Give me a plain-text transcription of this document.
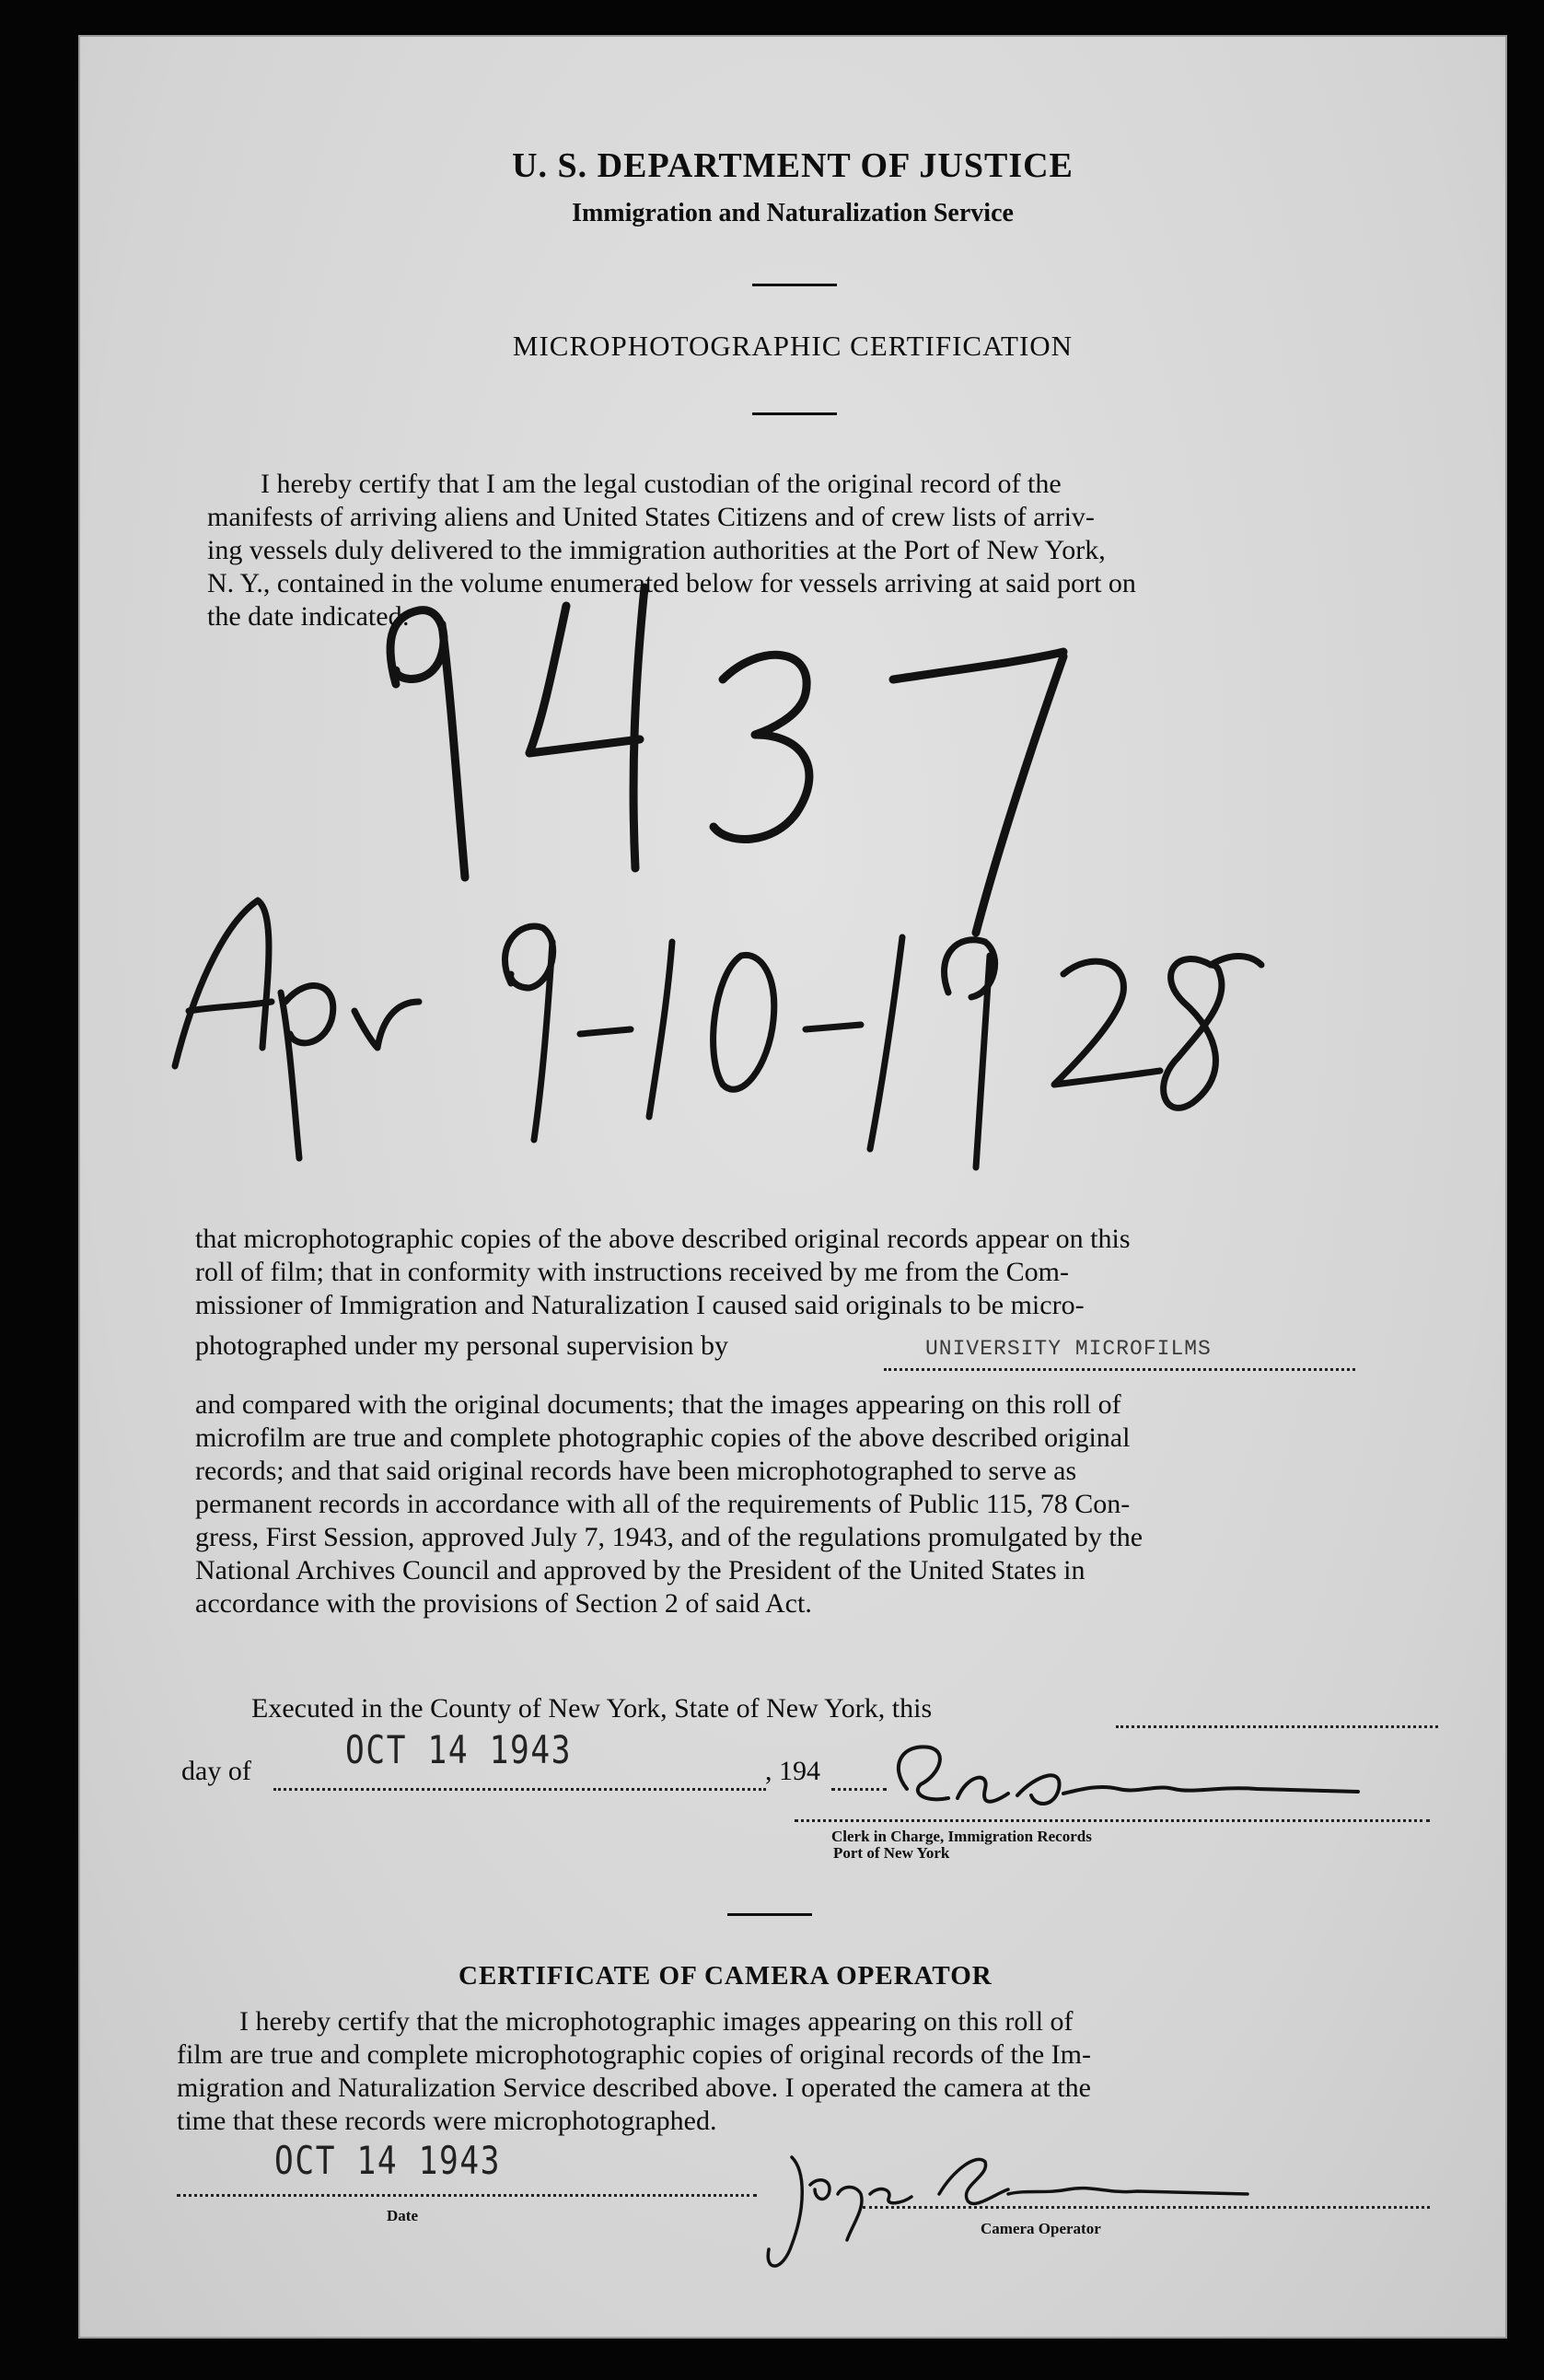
U. S. DEPARTMENT OF JUSTICE
Immigration and Naturalization Service
MICROPHOTOGRAPHIC CERTIFICATION
I hereby certify that I am the legal custodian of the original record of the
manifests of arriving aliens and United States Citizens and of crew lists of arriv-
ing vessels duly delivered to the immigration authorities at the Port of New York,
N. Y., contained in the volume enumerated below for vessels arriving at said port on
the date indicated:
that microphotographic copies of the above described original records appear on this
roll of film; that in conformity with instructions received by me from the Com-
missioner of Immigration and Naturalization I caused said originals to be micro-
photographed under my personal supervision by	UNIVERSITY MICROFILMS
and compared with the original documents; that the images appearing on this roll of
microfilm are true and complete photographic copies of the above described original
records; and that said original records have been microphotographed to serve as
permanent records in accordance with all of the requirements of Public 115, 78 Con-
gress, First Session, approved July 7, 1943, and of the regulations promulgated by the
National Archives Council and approved by the President of the United States in
accordance with the provisions of Section 2 of said Act.
Executed in the County of New York, State of New York, this
day of OCT 14 1943	, 194
Clerk in Charge, Immigration Records
Port of New York
CERTIFICATE OF CAMERA OPERATOR
I hereby certify that the microphotographic images appearing on this roll of
film are true and complete microphotographic copies of original records of the Im-
migration and Naturalization Service described above. I operated the camera at the
time that these records were microphotographed.
OCT 14 1943
Date
Camera Operator
